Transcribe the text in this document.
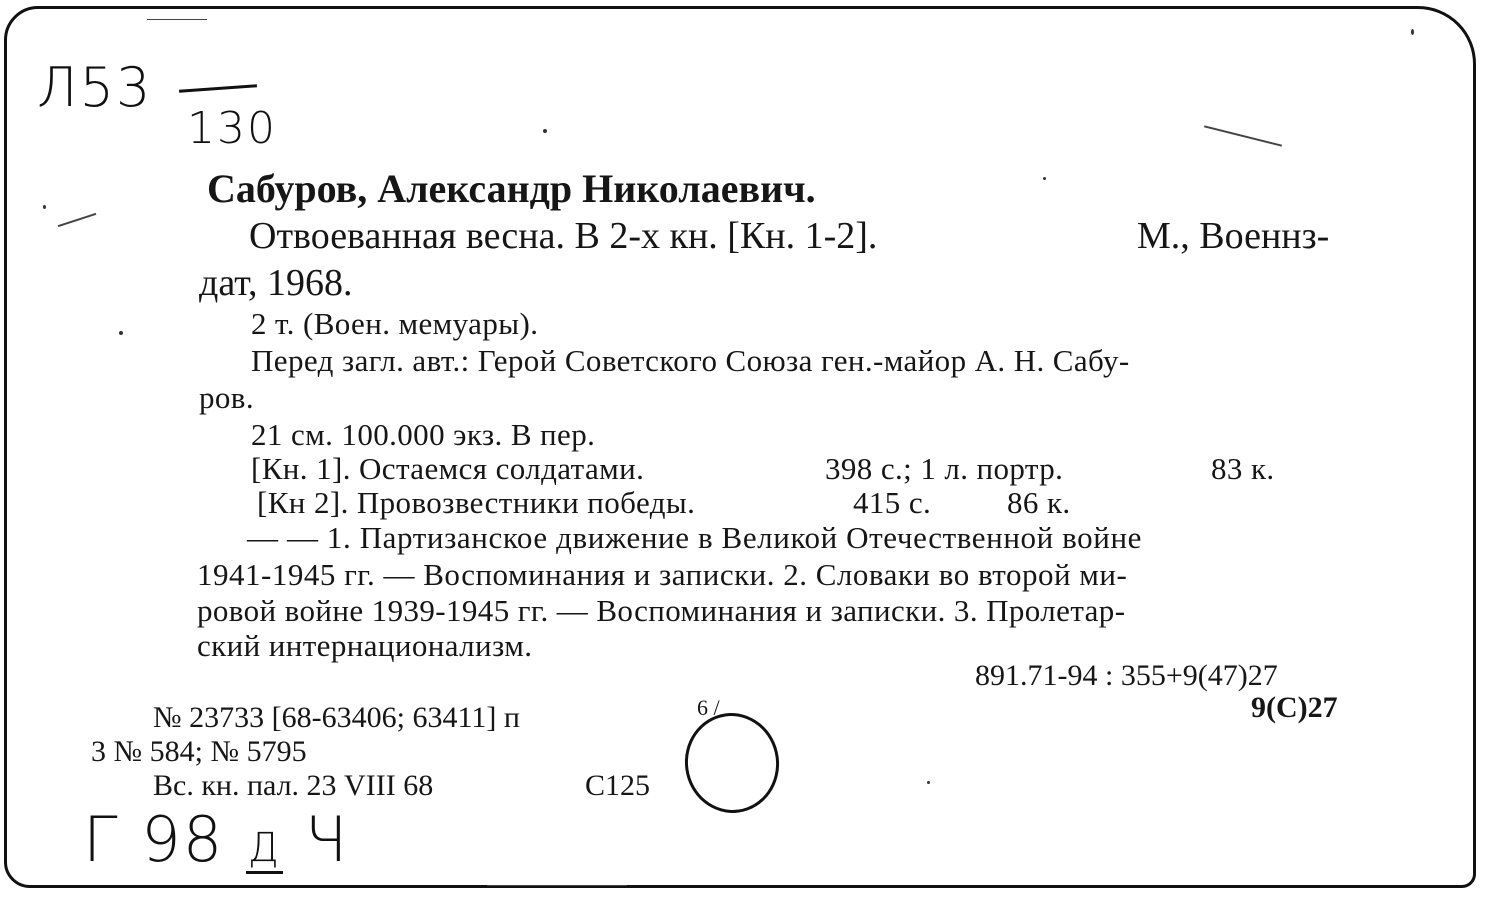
Л53
130
Сабуров, Александр Николаевич.
Отвоеванная весна. В 2-х кн. [Кн. 1-2].	М., Военнз-
дат, 1968.
2 т. (Воен. мемуары).
Перед загл. авт.: Герой Советского Союза ген.-майор А. Н. Сабу-
ров.
21 см. 100.000 экз. В пер.
[Кн. 1]. Остаемся солдатами.	398 с.; 1 л. портр.	83 к.
[Кн 2]. Провозвестники победы.	415 с. 86 к.
— — 1. Партизанское движение в Великой Отечественной войне
1941-1945 гг. — Воспоминания и записки. 2. Словаки во второй ми-
ровой войне 1939-1945 гг. — Воспоминания и записки. 3. Пролетар-
ский интернационализм.
891.71-94 : 355+9(47)27
9(С)27
№ 23733 [68-63406; 63411] п	6 /
3 № 584; № 5795
Вс. кн. пал. 23 VIII 68	С125
Г 98 Д Ч
